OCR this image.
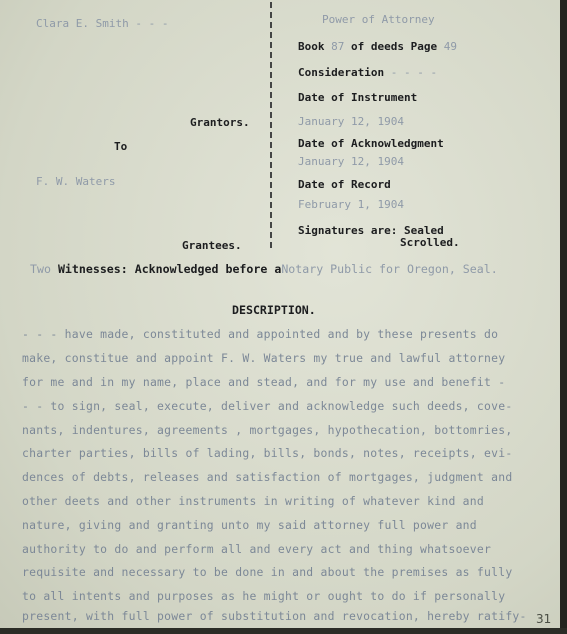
Clara E. Smith - - -
Grantors.
To
F. W. Waters
Grantees.
Power of Attorney
Book 87 of deeds Page 49
Consideration - - - -
Date of Instrument
January 12, 1904
Date of Acknowledgment
January 12, 1904
Date of Record
February 1, 1904
Signatures are: Sealed
Scrolled.
Two Witnesses: Acknowledged before aNotary Public for Oregon, Seal.
DESCRIPTION.
- - - have made, constituted and appointed and by these presents do
make, constitue and appoint F. W. Waters my true and lawful attorney
for me and in my name, place and stead, and for my use and benefit -
- - to sign, seal, execute, deliver and acknowledge such deeds, cove-
nants, indentures, agreements , mortgages, hypothecation, bottomries,
charter parties, bills of lading, bills, bonds, notes, receipts, evi-
dences of debts, releases and satisfaction of mortgages, judgment and
other deets and other instruments in writing of whatever kind and
nature, giving and granting unto my said attorney full power and
authority to do and perform all and every act and thing whatsoever
requisite and necessary to be done in and about the premises as fully
to all intents and purposes as he might or ought to do if personally
present, with full power of substitution and revocation, hereby ratify- 31
